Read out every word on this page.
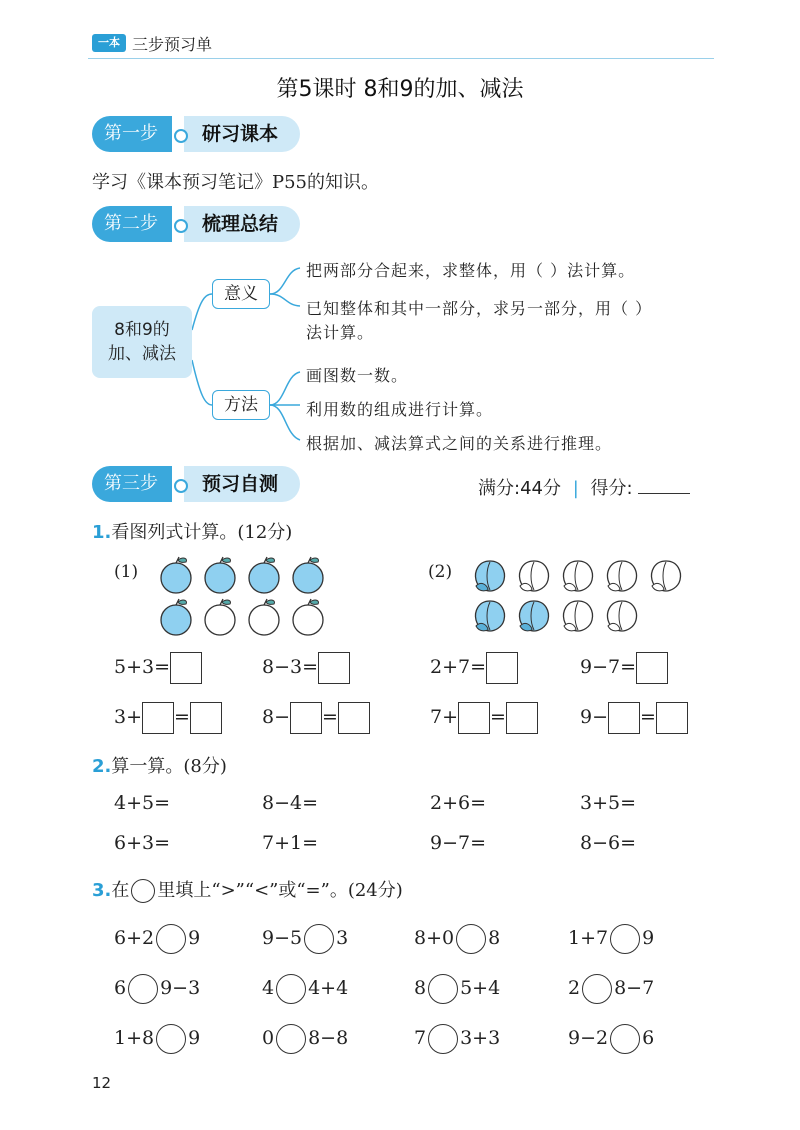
一本 三步预习单
第5课时 8和9的加、减法
第一步	研习课本
学习《课本预习笔记》P55的知识。
第二步	梳理总结
8和9的
加、减法
意义
方法
把两部分合起来，求整体，用（ ）法计算。
已知整体和其中一部分，求另一部分，用（ ）
法计算。
画图数一数。
利用数的组成进行计算。
根据加、减法算式之间的关系进行推理。
第三步	预习自测	满分:44分 | 得分:
1.看图列式计算。(12分)
(1)	(2)
5+3=	8−3=	2+7=	9−7=
3+ =	8− =	7+ =	9− =
2.算一算。(8分)
4+5=	8−4=	2+6=	3+5=
6+3=	7+1=	9−7=	8−6=
3.在 里填上“>”“<”或“=”。(24分)
6+2 9	9−5 3	8+0 8	1+7 9
6 9−3	4 4+4	8 5+4	2 8−7
1+8 9	0 8−8	7 3+3	9−2 6
12
